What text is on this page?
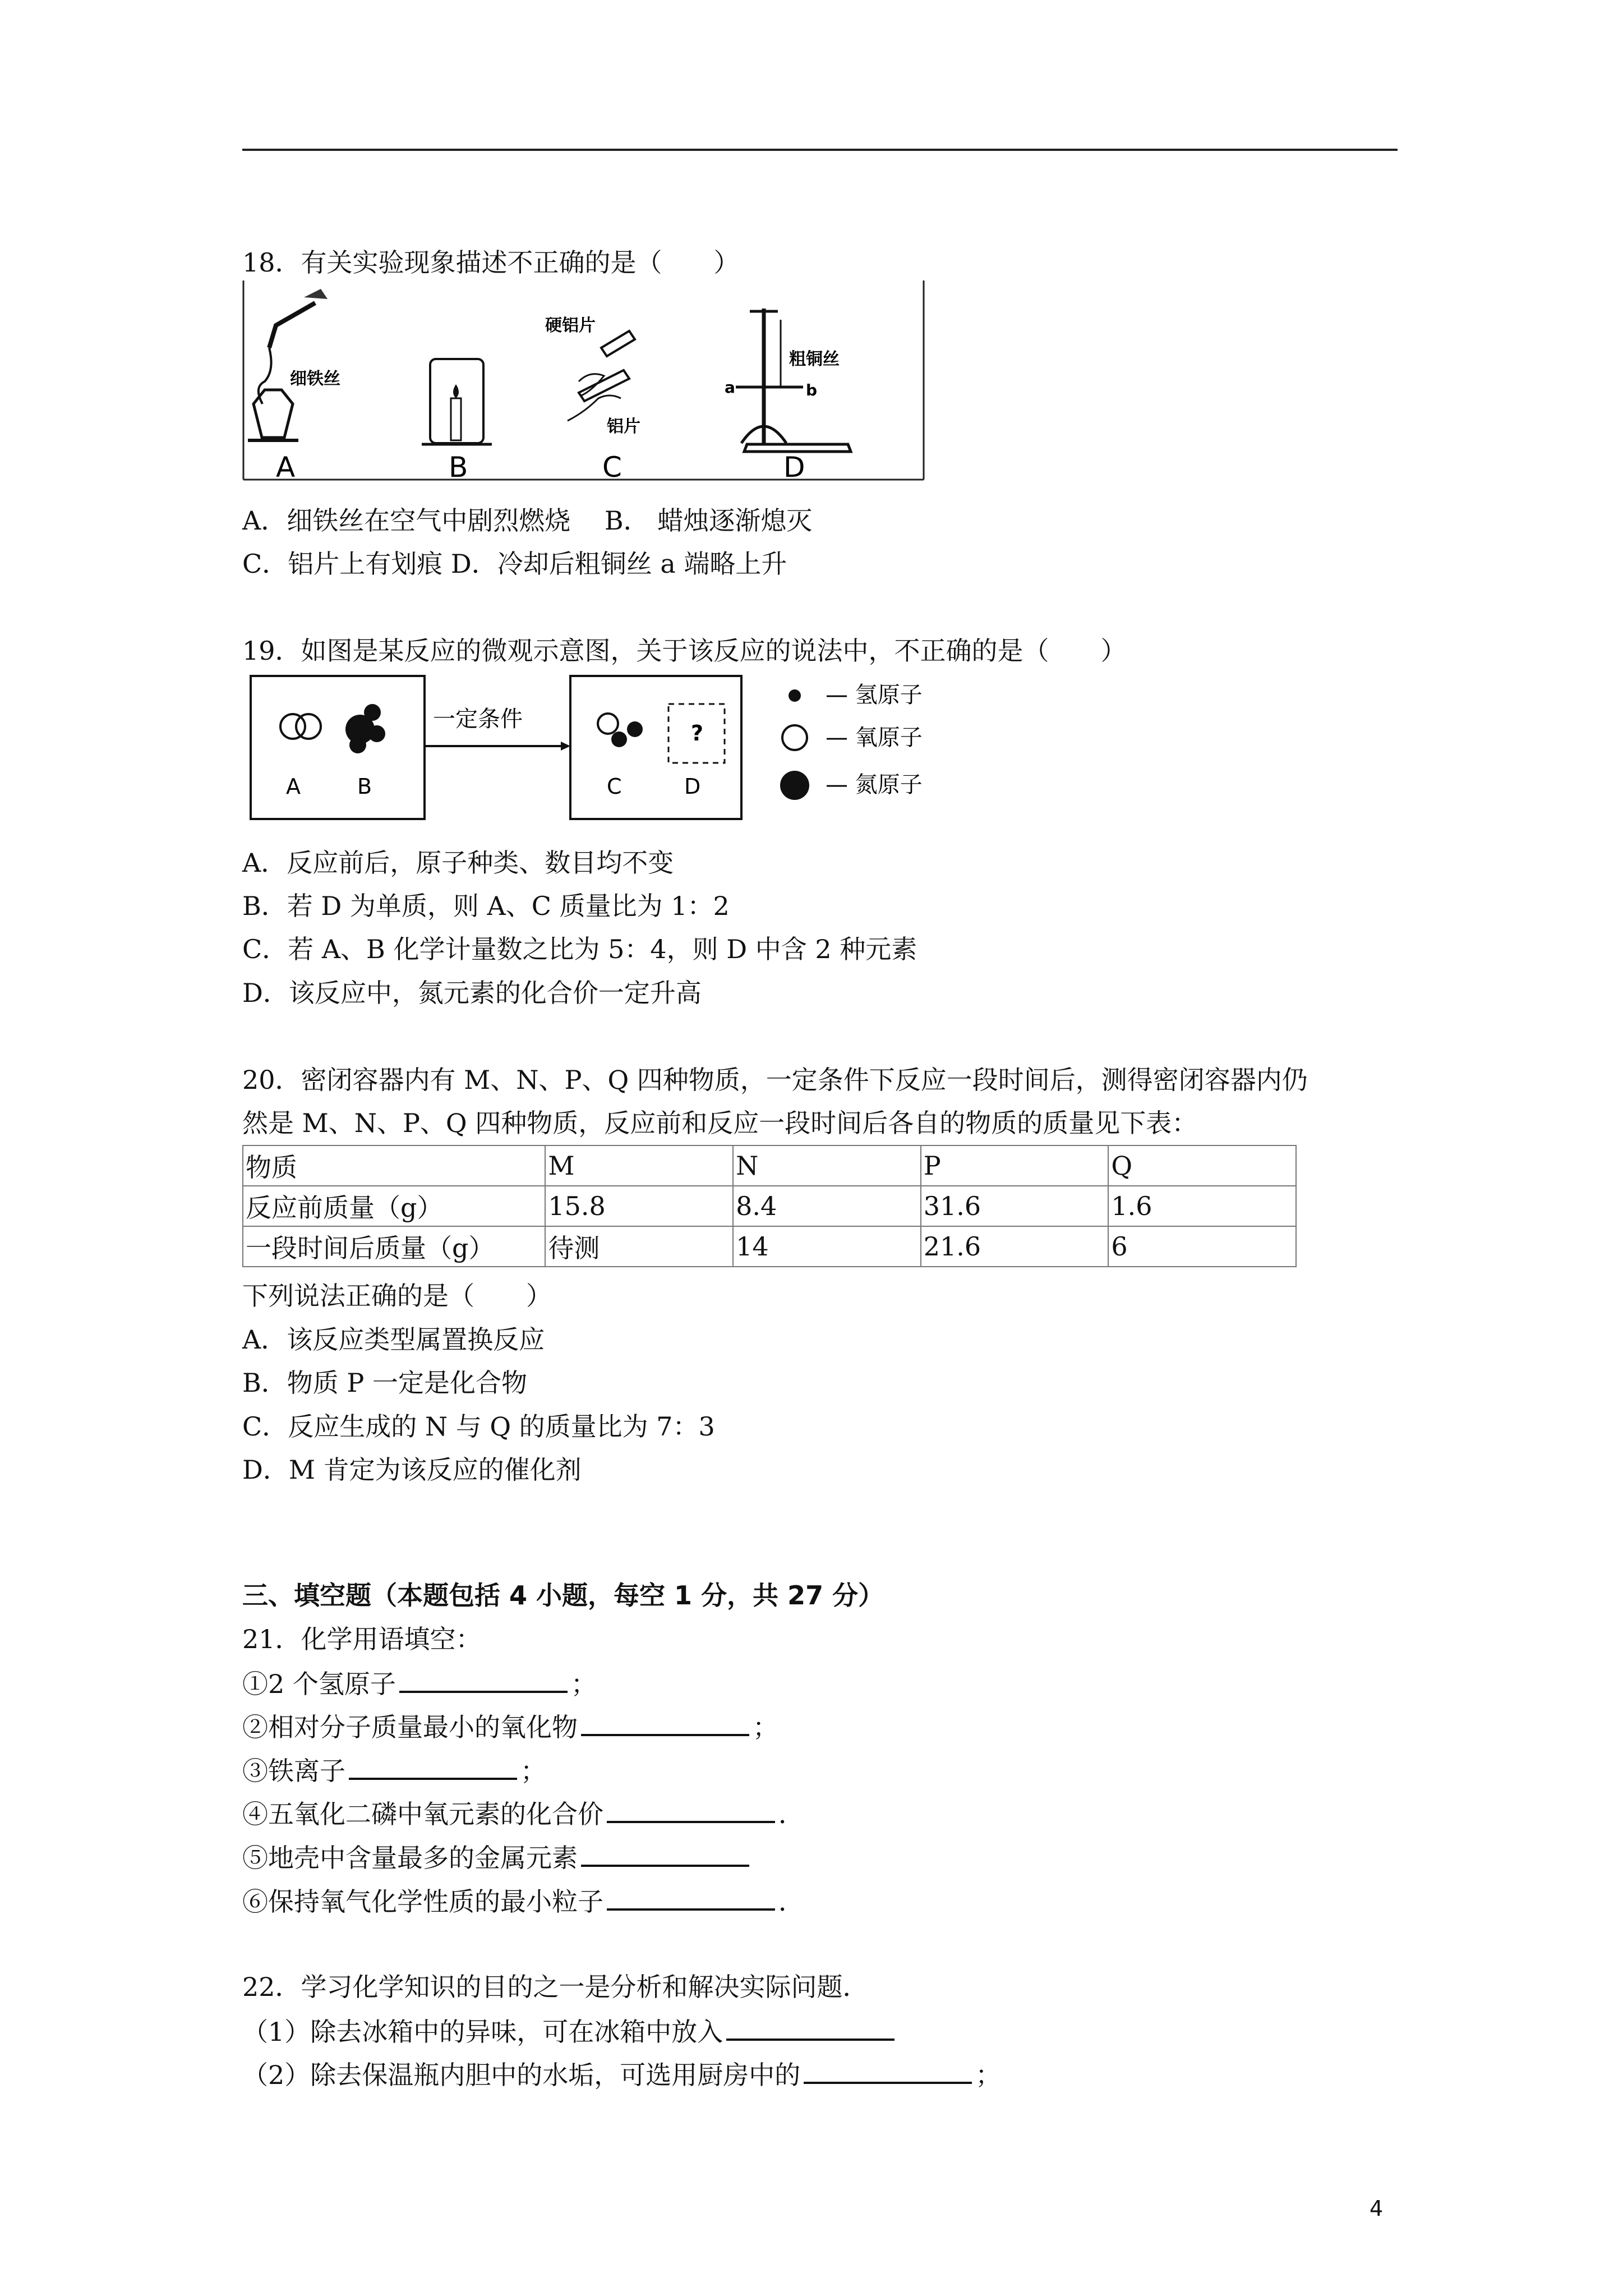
18．有关实验现象描述不正确的是（　　）
细铁丝
硬铝片
铝片
粗铜丝
a	b
A	B	C	D
A．细铁丝在空气中剧烈燃烧　 B． 蜡烛逐渐熄灭
C．铝片上有划痕 D．冷却后粗铜丝 a 端略上升
19．如图是某反应的微观示意图，关于该反应的说法中，不正确的是（　　）
A	B
一定条件
?
C	D
— 氢原子
— 氧原子
— 氮原子
A．反应前后，原子种类、数目均不变
B．若 D 为单质，则 A、C 质量比为 1：2
C．若 A、B 化学计量数之比为 5：4，则 D 中含 2 种元素
D．该反应中，氮元素的化合价一定升高
20．密闭容器内有 M、N、P、Q 四种物质，一定条件下反应一段时间后，测得密闭容器内仍
然是 M、N、P、Q 四种物质，反应前和反应一段时间后各自的物质的质量见下表：
物质	M	N	P	Q
反应前质量（g）	15.8	8.4	31.6	1.6
一段时间后质量（g）	待测	14	21.6	6
下列说法正确的是（　　）
A．该反应类型属置换反应
B．物质 P 一定是化合物
C．反应生成的 N 与 Q 的质量比为 7：3
D．M 肯定为该反应的催化剂
三、填空题（本题包括 4 小题，每空 1 分，共 27 分）
21．化学用语填空：
①2 个氢原子	；
②相对分子质量最小的氧化物	；
③铁离子	；
④五氧化二磷中氧元素的化合价	．
⑤地壳中含量最多的金属元素
⑥保持氧气化学性质的最小粒子	．
22．学习化学知识的目的之一是分析和解决实际问题．
（1）除去冰箱中的异味，可在冰箱中放入
（2）除去保温瓶内胆中的水垢，可选用厨房中的	；
4
